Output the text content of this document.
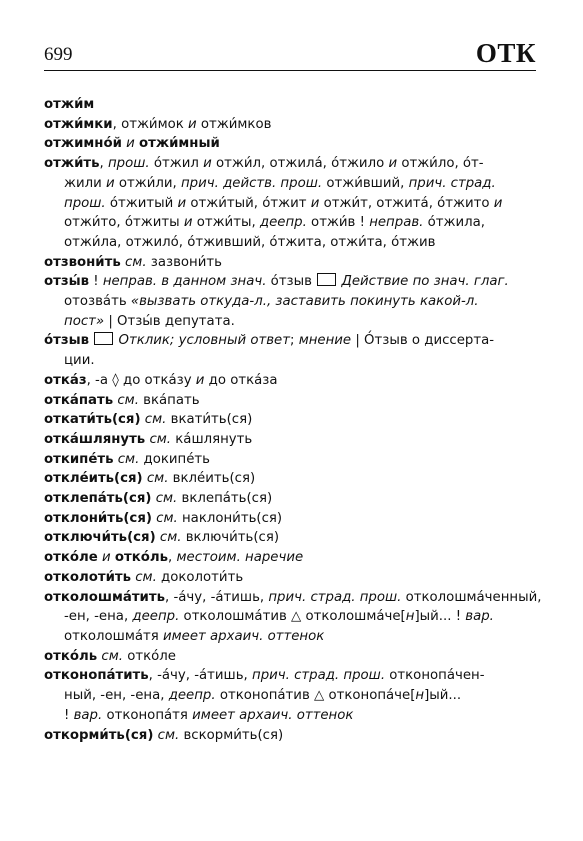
699	ОТК
отжи́м
отжи́мки, отжи́мок и отжи́мков
отжимно́й и отжи́мный
отжи́ть, прош. о́тжил и отжи́л, отжила́, о́тжило и отжи́ло, о́т-
жили и отжи́ли, прич. действ. прош. отжи́вший, прич. страд.
прош. о́тжитый и отжи́тый, о́тжит и отжи́т, отжита́, о́тжито и
отжи́то, о́тжиты и отжи́ты, деепр. отжи́в ! неправ. о́тжила,
отжи́ла, отжило́, о́тживший, о́тжита, отжи́та, о́тжив
отзвони́ть см. зазвони́ть
отзы́в ! неправ. в данном знач. о́тзыв  Действие по знач. глаг.
отозва́ть «вызвать откуда-л., заставить покинуть какой-л.
пост» | Отзы́в депутата.
о́тзыв Отклик; условный ответ; мнение | О́тзыв о диссерта-
ции.
отка́з, -а ◊ до отка́зу и до отка́за
отка́пать см. вка́пать
откати́ть(ся) см. вкати́ть(ся)
отка́шлянуть см. ка́шлянуть
откипе́ть см. докипе́ть
откле́ить(ся) см. вкле́ить(ся)
отклепа́ть(ся) см. вклепа́ть(ся)
отклони́ть(ся) см. наклони́ть(ся)
отключи́ть(ся) см. включи́ть(ся)
отко́ле и откóль, местоим. наречие
отколоти́ть см. доколоти́ть
отколошма́тить, -а́чу, -а́тишь, прич. страд. прош. отколошма́ченный,
-ен, -ена, деепр. отколошма́тив △ отколошма́че[н]ый... ! вар.
отколошма́тя имеет архаич. оттенок
отко́ль см. отко́ле
отконопа́тить, -а́чу, -а́тишь, прич. страд. прош. отконопа́чен-
ный, -ен, -ена, деепр. отконопа́тив △ отконопа́че[н]ый...
! вар. отконопа́тя имеет архаич. оттенок
откорми́ть(ся) см. вскорми́ть(ся)
